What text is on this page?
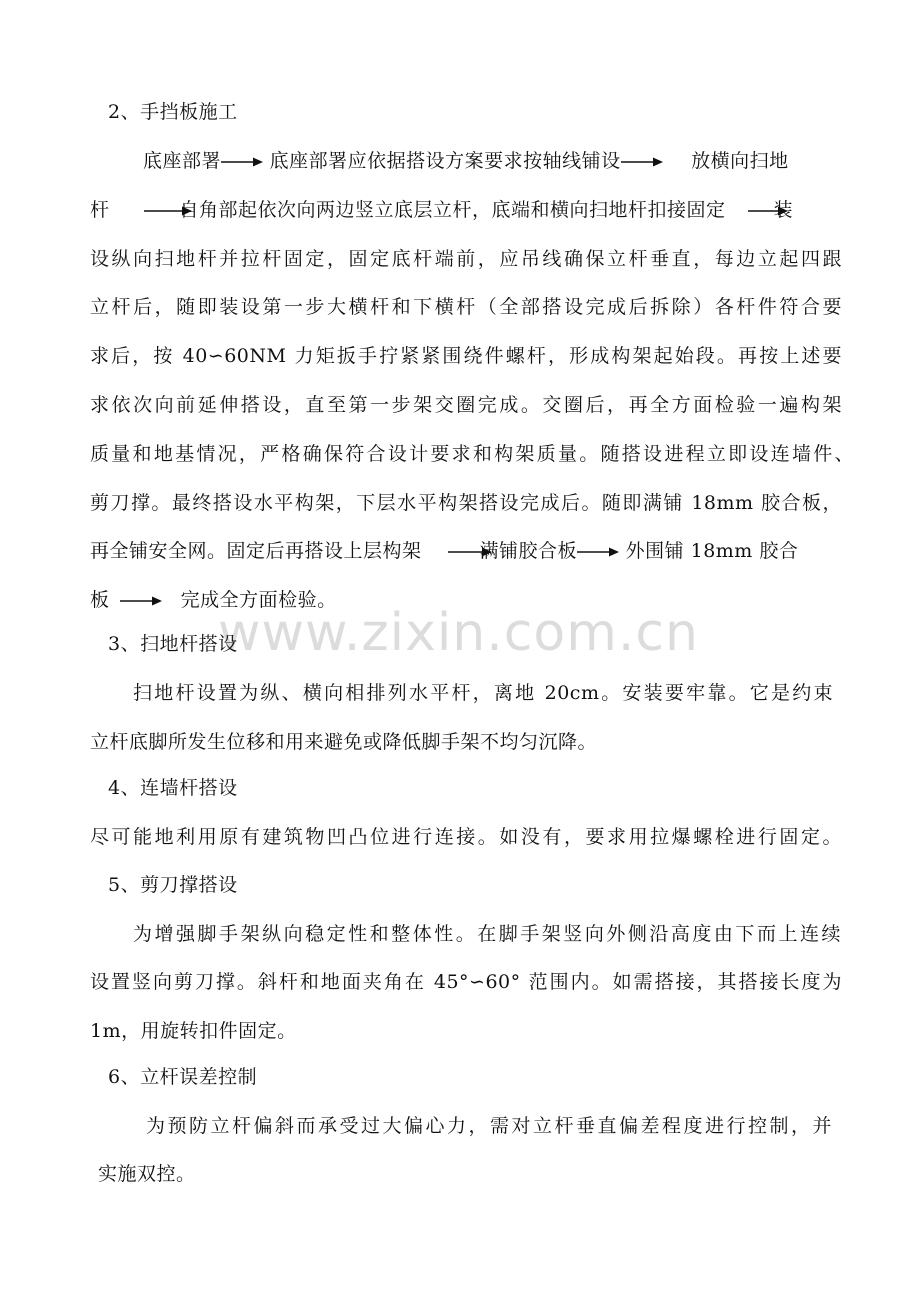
www.zixin.com.cn
2、手挡板施工
底座部署	底座部署应依据搭设方案要求按轴线铺设	放横向扫地
杆	自角部起依次向两边竖立底层立杆，底端和横向扫地杆扣接固定	装
设纵向扫地杆并拉杆固定，固定底杆端前，应吊线确保立杆垂直，每边立起四跟
立杆后，随即装设第一步大横杆和下横杆（全部搭设完成后拆除）各杆件符合要
求后，按 40∽60NM 力矩扳手拧紧紧围绕件螺杆，形成构架起始段。再按上述要
求依次向前延伸搭设，直至第一步架交圈完成。交圈后，再全方面检验一遍构架
质量和地基情况，严格确保符合设计要求和构架质量。随搭设进程立即设连墙件、
剪刀撑。最终搭设水平构架，下层水平构架搭设完成后。随即满铺 18mm 胶合板，
再全铺安全网。固定后再搭设上层构架	满铺胶合板	外围铺 18mm 胶合
板	完成全方面检验。
3、扫地杆搭设
扫地杆设置为纵、横向相排列水平杆，离地 20cm。安装要牢靠。它是约束
立杆底脚所发生位移和用来避免或降低脚手架不均匀沉降。
4、连墙杆搭设
尽可能地利用原有建筑物凹凸位进行连接。如没有，要求用拉爆螺栓进行固定。
5、剪刀撑搭设
为增强脚手架纵向稳定性和整体性。在脚手架竖向外侧沿高度由下而上连续
设置竖向剪刀撑。斜杆和地面夹角在 45°∽60° 范围内。如需搭接，其搭接长度为
1m，用旋转扣件固定。
6、立杆误差控制
为预防立杆偏斜而承受过大偏心力，需对立杆垂直偏差程度进行控制，并
实施双控。
